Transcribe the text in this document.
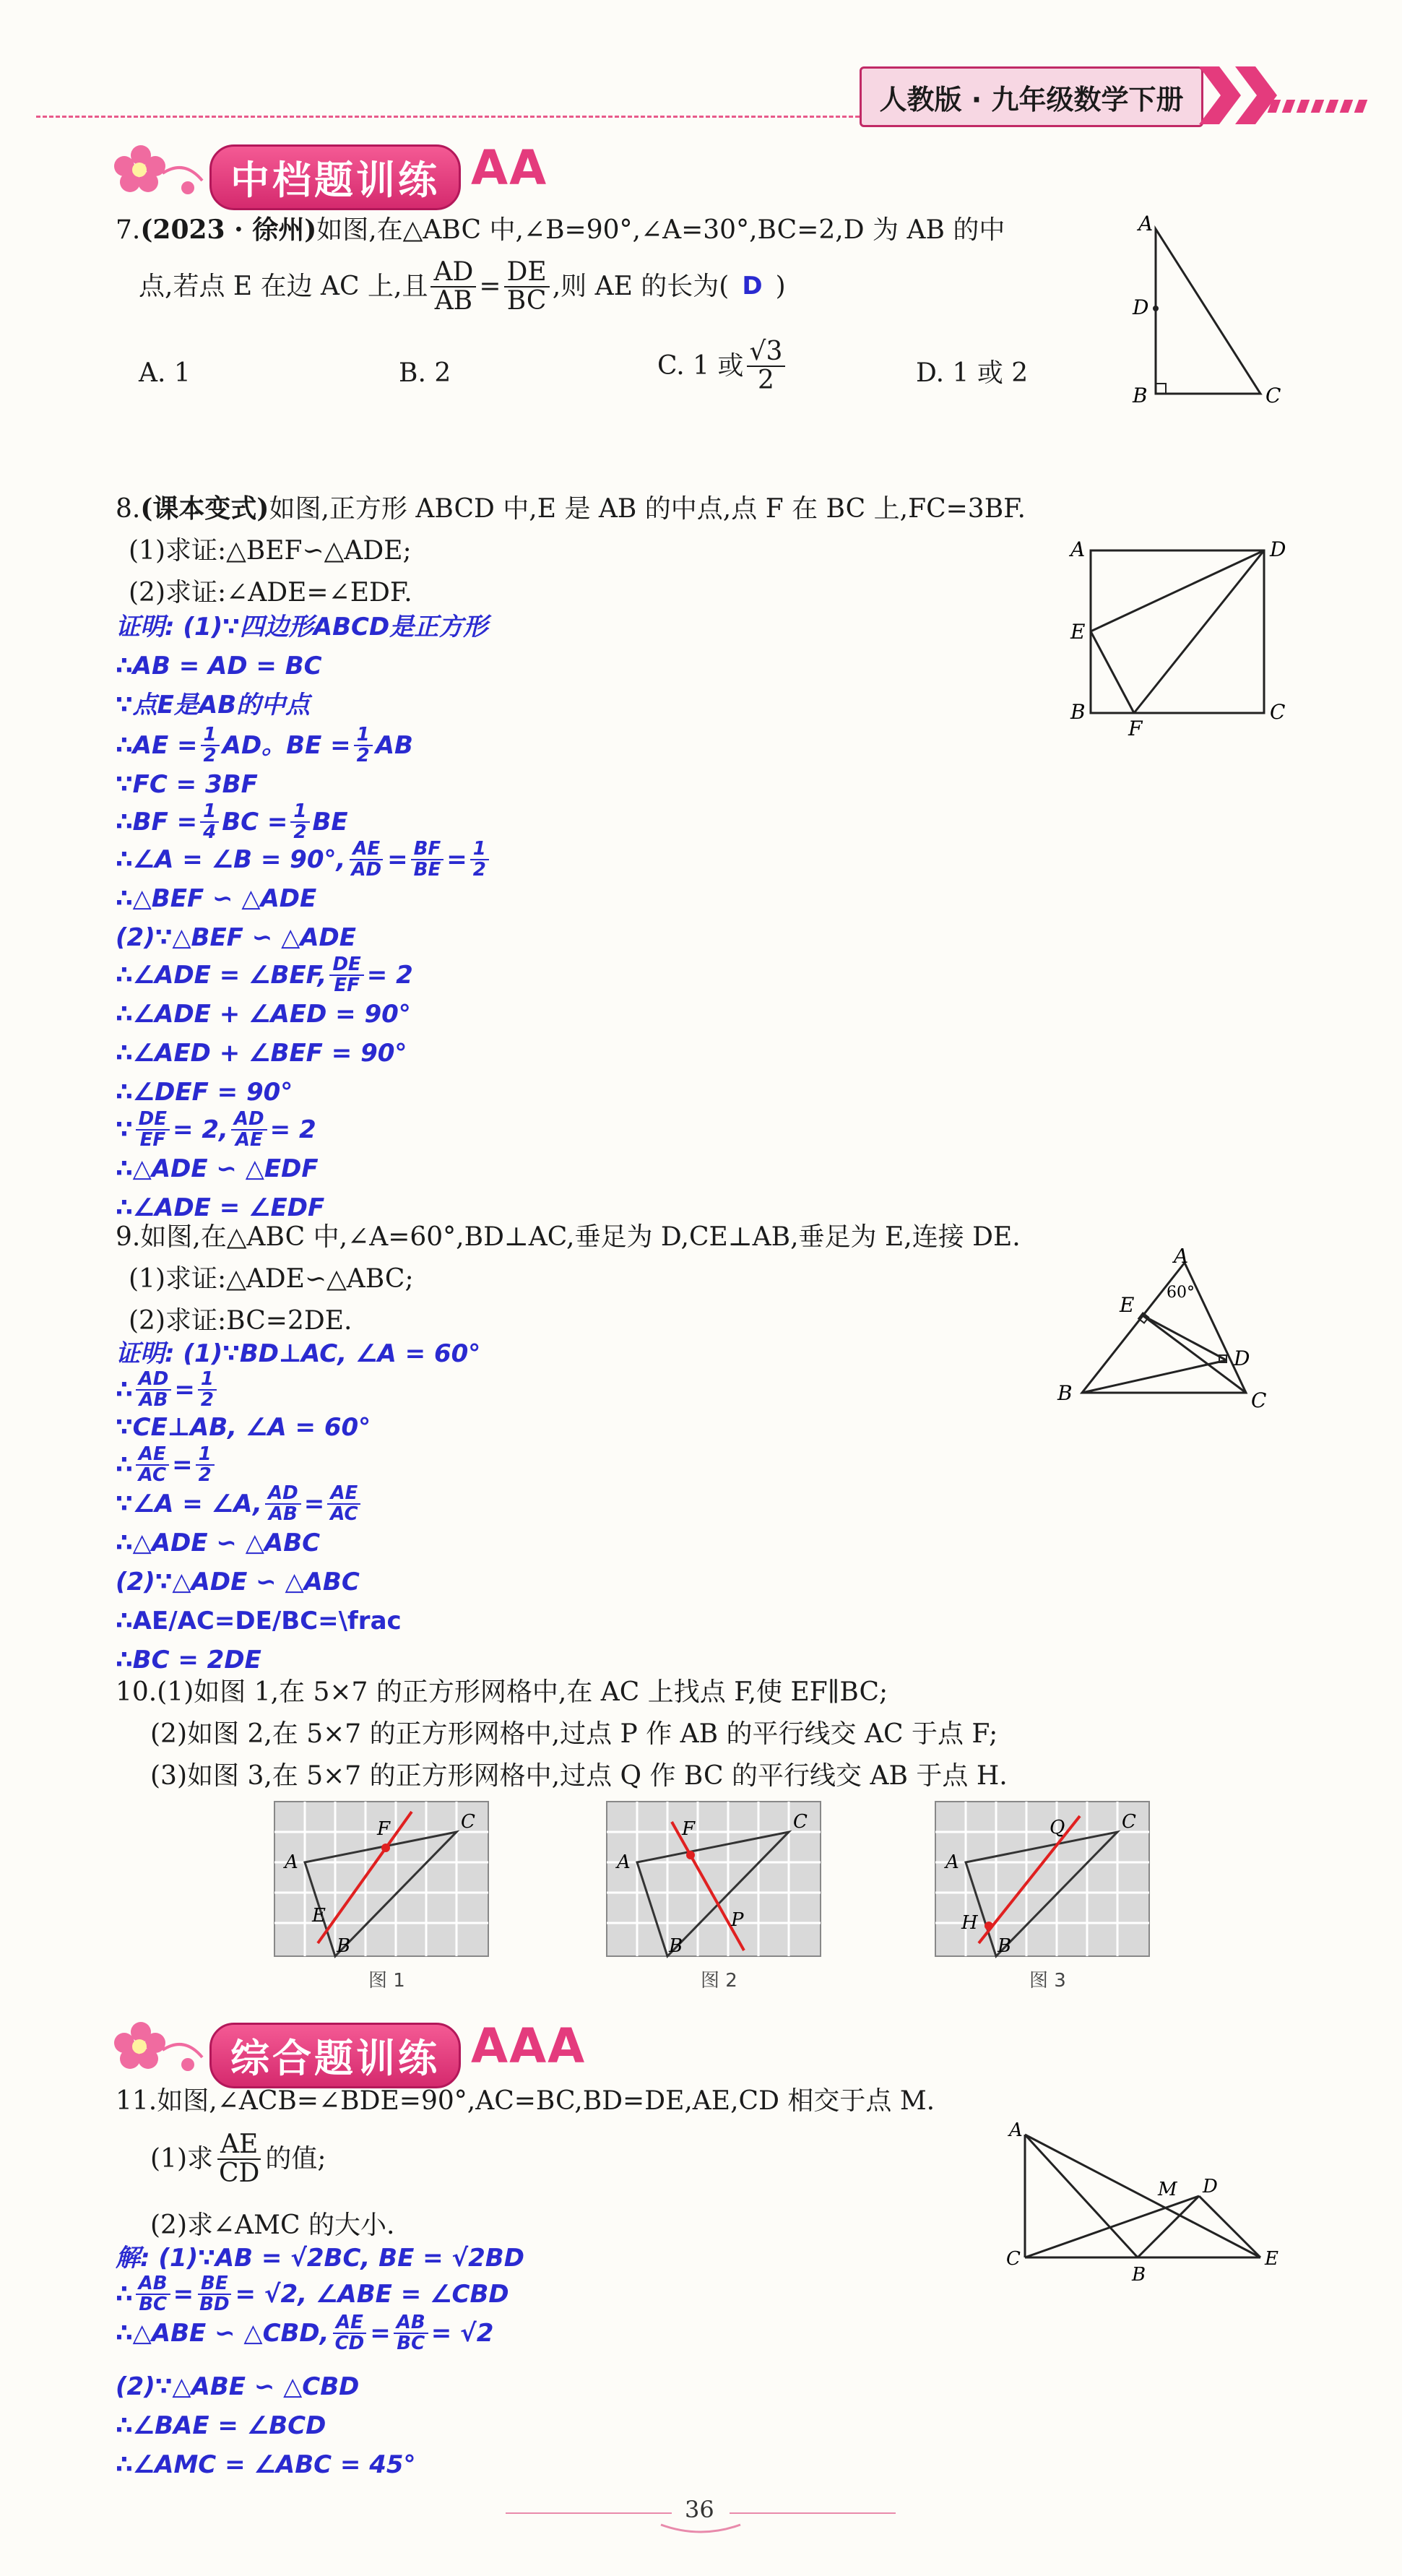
人教版 · 九年级数学下册
中档题训练 AA
7.(2023 · 徐州)如图,在△ABC 中,∠B=90°,∠A=30°,BC=2,D 为 AB 的中
点,若点 E 在边 AC 上,且 $\frac{AD}{AB} = \frac{DE}{BC}$ ,则 AE 的长为( D )
A. 1	B. 2	C. 1 或 $\frac{√3}{2}$	D. 1 或 2
A
D
B	C
8.(课本变式)如图,正方形 ABCD 中,E 是 AB 的中点,点 F 在 BC 上,FC=3BF.
(1)求证:△BEF∽△ADE;
(2)求证:∠ADE=∠EDF.
A	D
E
B
F
C
证明: (1)∵四边形ABCD是正方形
∴AB = AD = BC
∵点E是AB的中点
∴AE = $\frac{1}{2}$ AD。BE = $\frac{1}{2}$ AB
∵FC = 3BF
∴BF = $\frac{1}{4}$ BC = $\frac{1}{2}$ BE
∴∠A = ∠B = 90°, $\frac{AE}{AD} = \frac{BF}{BE} = \frac{1}{2}$
∴△BEF ∽ △ADE
(2)∵△BEF ∽ △ADE
∴∠ADE = ∠BEF, $\frac{DE}{EF} = 2$
∴∠ADE + ∠AED = 90°
∴∠AED + ∠BEF = 90°
∴∠DEF = 90°
∵ $\frac{DE}{EF} = 2$, $\frac{AD}{AE} = 2$
∴△ADE ∽ △EDF
∴∠ADE = ∠EDF
9.如图,在△ABC 中,∠A=60°,BD⊥AC,垂足为 D,CE⊥AB,垂足为 E,连接 DE.
(1)求证:△ADE∽△ABC;
(2)求证:BC=2DE.
A
60°
E
D
B	C
证明: (1)∵BD⊥AC, ∠A = 60°
∴ $\frac{AD}{AB} = \frac{1}{2}$
∵CE⊥AB, ∠A = 60°
∴ $\frac{AE}{AC} = \frac{1}{2}$
∵∠A = ∠A, $\frac{AD}{AB} = \frac{AE}{AC}$
∴△ADE ∽ △ABC
(2)∵△ADE ∽ △ABC
∴AE/AC=DE/BC=\frac
∴BC = 2DE
10.(1)如图 1,在 5×7 的正方形网格中,在 AC 上找点 F,使 EF∥BC;
(2)如图 2,在 5×7 的正方形网格中,过点 P 作 AB 的平行线交 AC 于点 F;
(3)如图 3,在 5×7 的正方形网格中,过点 Q 作 BC 的平行线交 AB 于点 H.
A
F	C
E
B
图 1
A
F	C
P
B
图 2
A
Q	C
H
B
图 3
综合题训练 AAA
11.如图,∠ACB=∠BDE=90°,AC=BC,BD=DE,AE,CD 相交于点 M.
(1)求 $\frac{AE}{CD}$ 的值;
(2)求∠AMC 的大小.
A
M D
C
B
E
解: (1)∵AB = √2BC, BE = √2BD
∴ $\frac{AB}{BC} = \frac{BE}{BD} = √2$, ∠ABE = ∠CBD
∴△ABE ∽ △CBD, $\frac{AE}{CD} = \frac{AB}{BC} = √2$
(2)∵△ABE ∽ △CBD
∴∠BAE = ∠BCD
∴∠AMC = ∠ABC = 45°
36
